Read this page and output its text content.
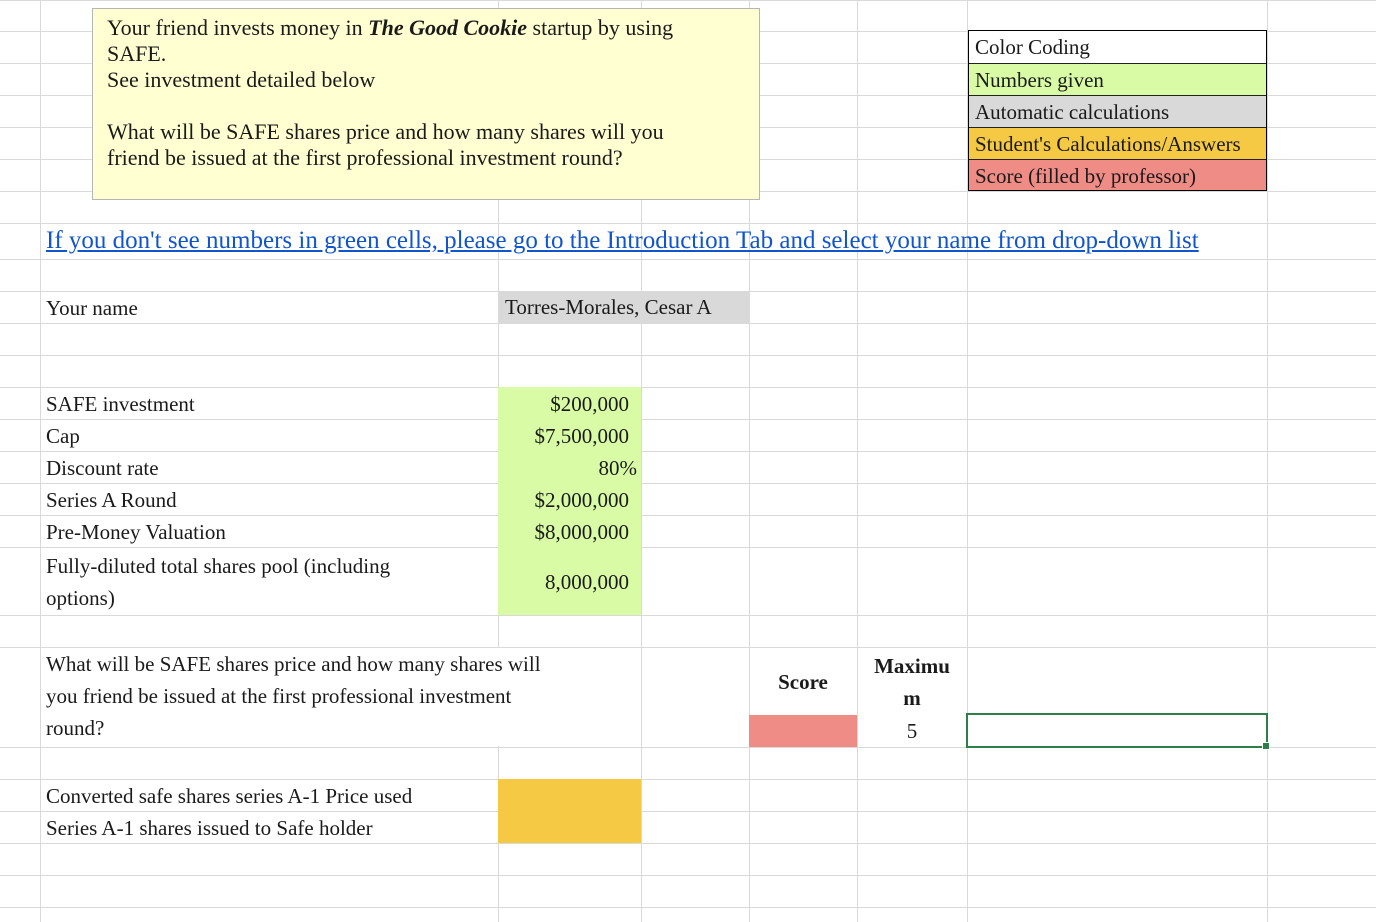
Your friend invests money in The Good Cookie startup by using

SAFE.

See investment detailed below

What will be SAFE shares price and how many shares will you

friend be issued at the first professional investment round?

Color Coding
Numbers given
Automatic calculations
Student's Calculations/Answers
Score (filled by professor)
If you don't see numbers in green cells, please go to the Introduction Tab and select your name from drop-down list
Your name	Torres-Morales, Cesar A
SAFE investment
Cap
Discount rate
Series A Round
Pre-Money Valuation
Fully-diluted total shares pool (including
options)
$200,000
$7,500,000
80%
$2,000,000
$8,000,000
8,000,000
What will be SAFE shares price and how many shares will
you friend be issued at the first professional investment
round?
Score
Maximu
m
5
Converted safe shares series A-1 Price used
Series A-1 shares issued to Safe holder
